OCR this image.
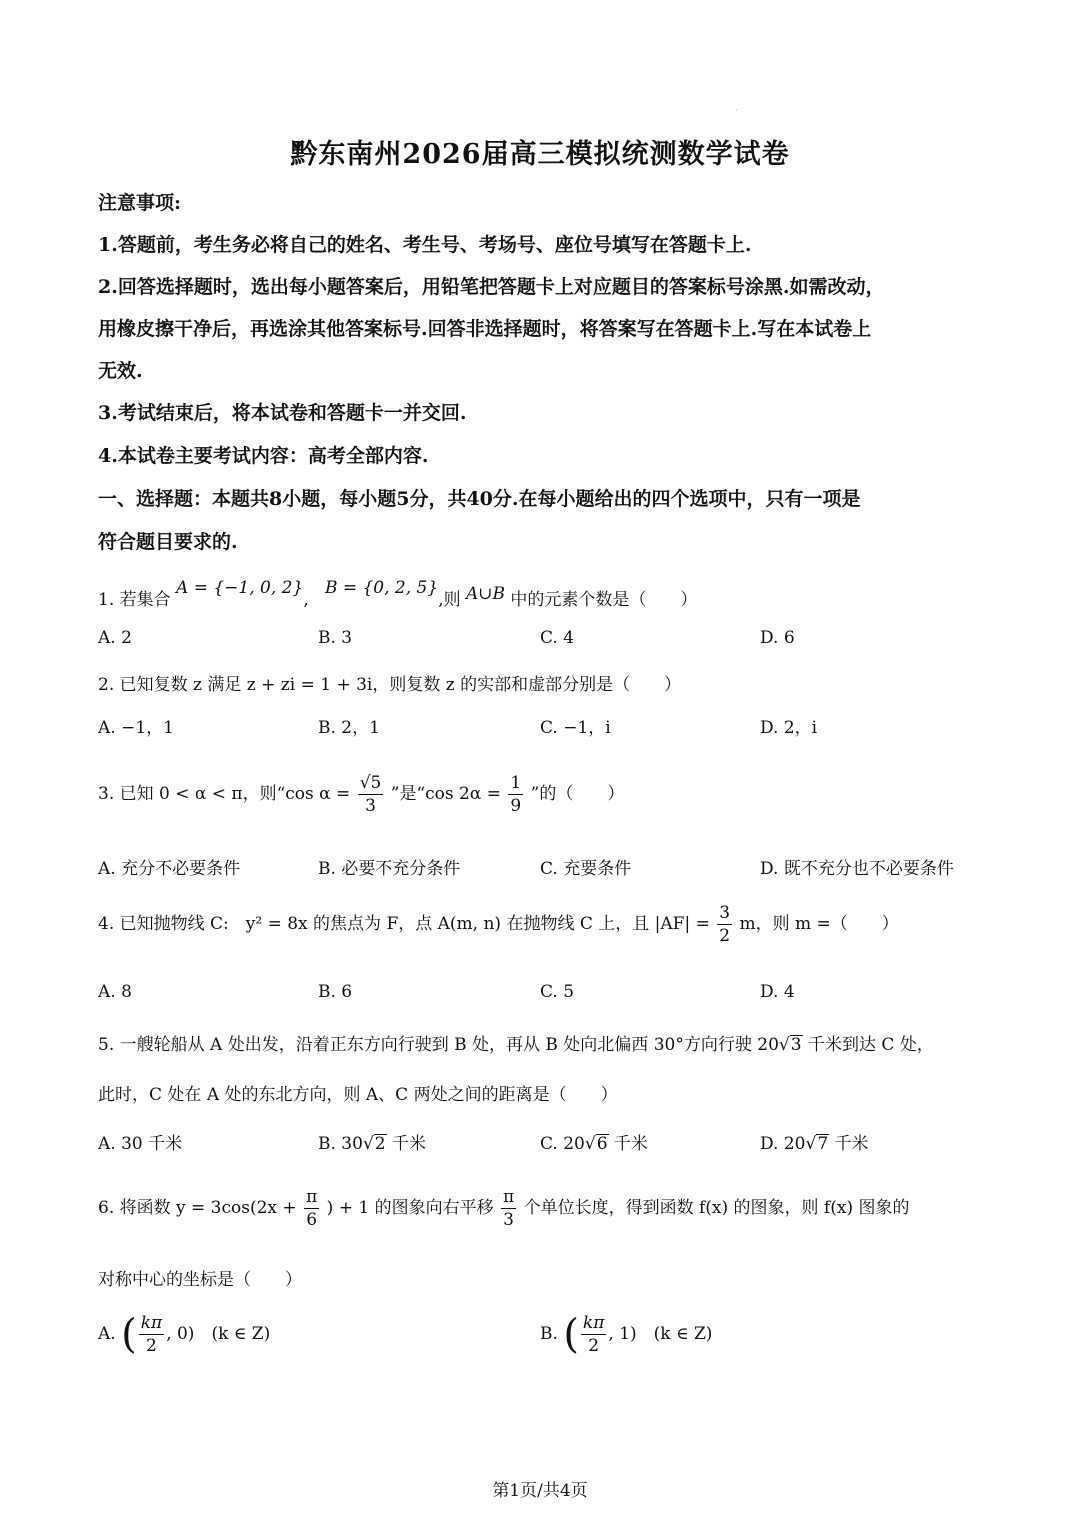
·
黔东南州2026届高三模拟统测数学试卷
注意事项:
1.答题前，考生务必将自己的姓名、考生号、考场号、座位号填写在答题卡上.
2.回答选择题时，选出每小题答案后，用铅笔把答题卡上对应题目的答案标号涂黑.如需改动，
用橡皮擦干净后，再选涂其他答案标号.回答非选择题时，将答案写在答题卡上.写在本试卷上
无效.
3.考试结束后，将本试卷和答题卡一并交回.
4.本试卷主要考试内容：高考全部内容.
一、选择题：本题共8小题，每小题5分，共40分.在每小题给出的四个选项中，只有一项是
符合题目要求的.
1. 若集合 A = {−1, 0, 2},   B = {0, 2, 5},则 A∪B 中的元素个数是（　　）
A. 2	B. 3	C. 4	D. 6
2. 已知复数 z 满足 z + zi = 1 + 3i，则复数 z 的实部和虚部分别是（　　）
A. −1，1	B. 2，1	C. −1，i	D. 2，i
3. 已知 0 < α < π，则“cos $\alpha = \frac{√5}{3}$ ”是“cos $2\alpha = \frac{1}{9}$ ”的（　　）
A. 充分不必要条件	B. 必要不充分条件	C. 充要条件	D. 既不充分也不必要条件
4. 已知抛物线 C:　y² = 8x 的焦点为 F，点 A(m, n) 在抛物线 C 上，且 $|AF| = \frac{3}{2}$ m，则 m =（　　）
A. 8	B. 6	C. 5	D. 4
5. 一艘轮船从 A 处出发，沿着正东方向行驶到 B 处，再从 B 处向北偏西 30°方向行驶 20√3 千米到达 C 处，
此时，C 处在 A 处的东北方向，则 A、C 两处之间的距离是（　　）
A. 30 千米	B. 30√2 千米	C. 20√6 千米	D. 20√7 千米
6. 将函数 $y = 3\cos(2x + \frac{\pi}{6}$ ) + 1 的图象向右平移 $\frac{\pi}{3}$ 个单位长度，得到函数 f(x) 的图象，则 f(x) 图象的
对称中心的坐标是（　　）
A. ( $\frac{k\pi}{2}$ , 0)　(k ∈ Z)	B. ( $\frac{k\pi}{2}$ , 1)　(k ∈ Z)
第1页/共4页
